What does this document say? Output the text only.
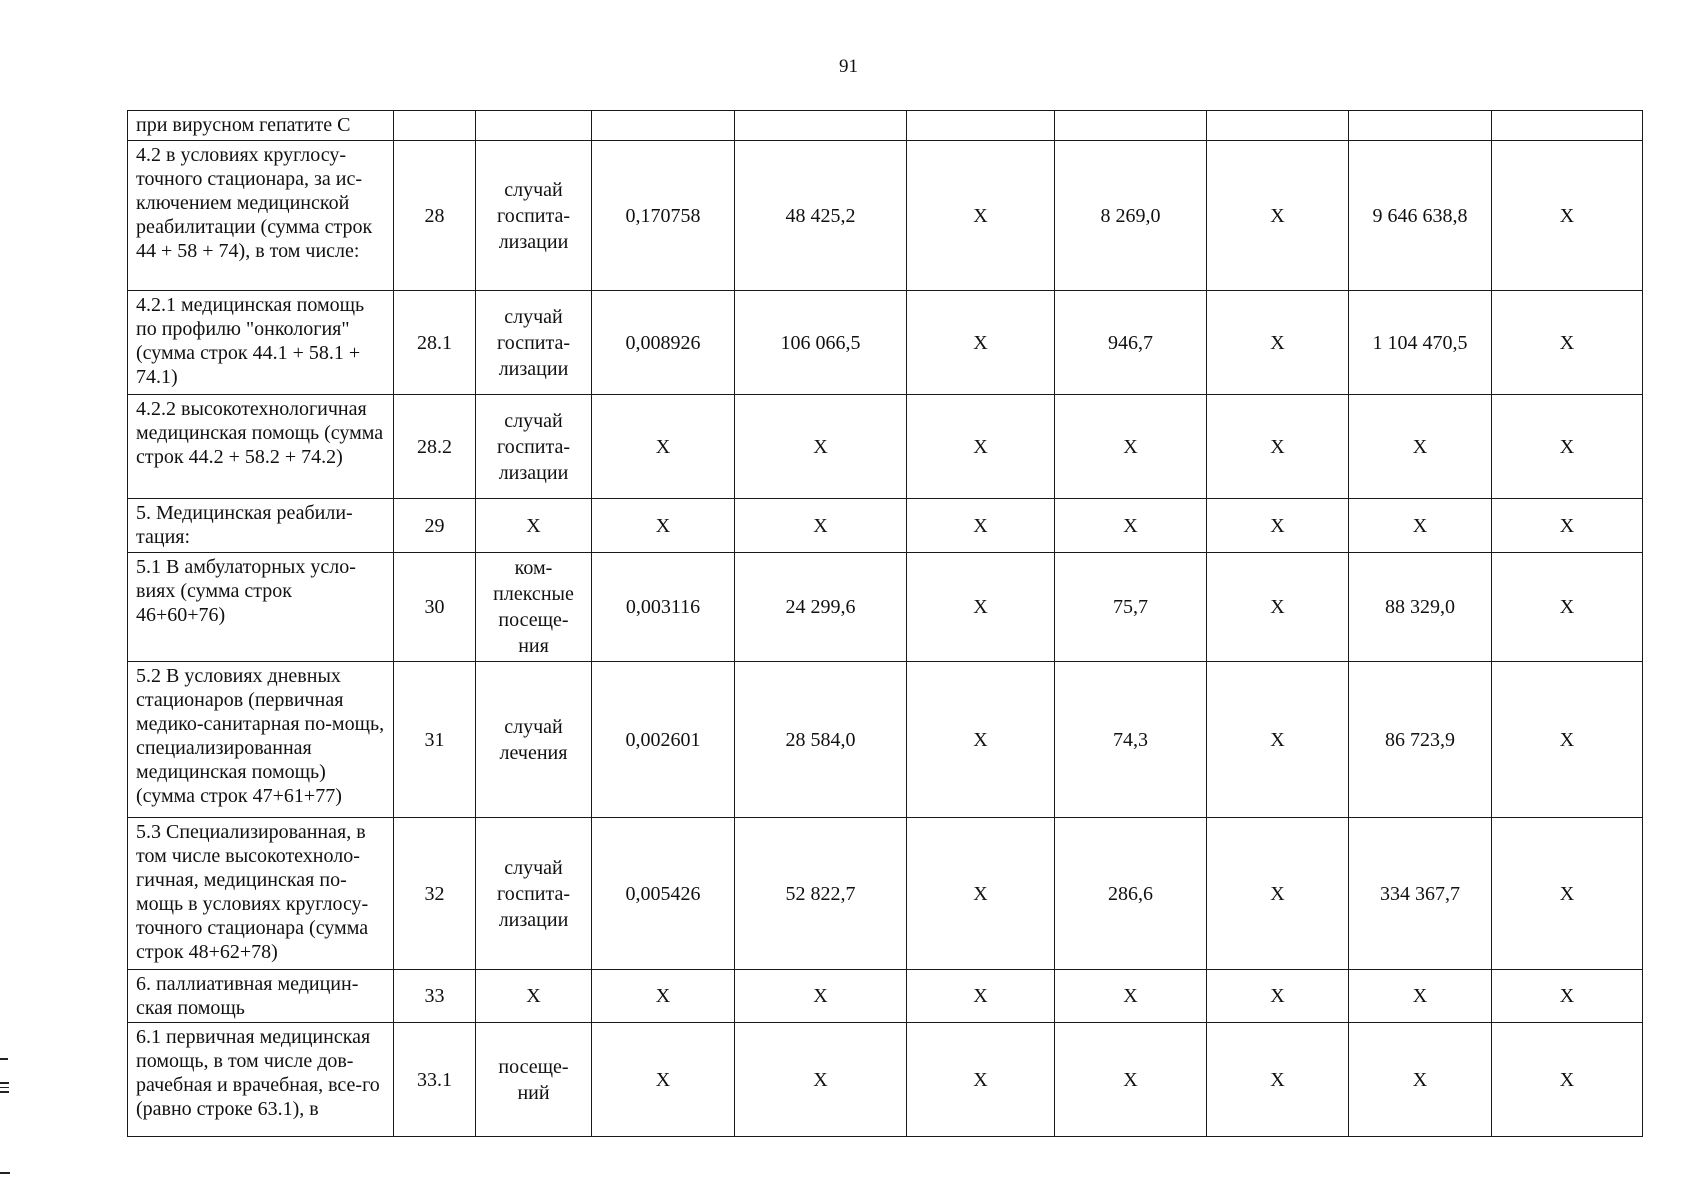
91
при вирусном гепатите С									
4.2 в условиях круглосу-точного стационара, за ис-ключением медицинской реабилитации (сумма строк 44 + 58 + 74), в том числе:	28	случай госпита-лизации	0,170758	48 425,2	Х	8 269,0	Х	9 646 638,8	Х
4.2.1 медицинская помощь по профилю "онкология" (сумма строк 44.1 + 58.1 + 74.1)	28.1	случай госпита-лизации	0,008926	106 066,5	Х	946,7	Х	1 104 470,5	Х
4.2.2 высокотехнологичная медицинская помощь (сумма строк 44.2 + 58.2 + 74.2)	28.2	случай госпита-лизации	Х	Х	Х	Х	Х	Х	Х
5. Медицинская реабили-тация:	29	Х	Х	Х	Х	Х	Х	Х	Х
5.1 В амбулаторных усло-виях (сумма строк 46+60+76)	30	ком-плексные посеще-ния	0,003116	24 299,6	Х	75,7	Х	88 329,0	Х
5.2 В условиях дневных стационаров (первичная медико-санитарная по-мощь, специализированная медицинская помощь) (сумма строк 47+61+77)	31	случай лечения	0,002601	28 584,0	Х	74,3	Х	86 723,9	Х
5.3 Специализированная, в том числе высокотехноло-гичная, медицинская по-мощь в условиях круглосу-точного стационара (сумма строк 48+62+78)	32	случай госпита-лизации	0,005426	52 822,7	Х	286,6	Х	334 367,7	Х
6. паллиативная медицин-ская помощь	33	Х	Х	Х	Х	Х	Х	Х	Х
6.1 первичная медицинская помощь, в том числе дов-рачебная и врачебная, все-го (равно строке 63.1), в	33.1	посеще-ний	Х	Х	Х	Х	Х	Х	Х
